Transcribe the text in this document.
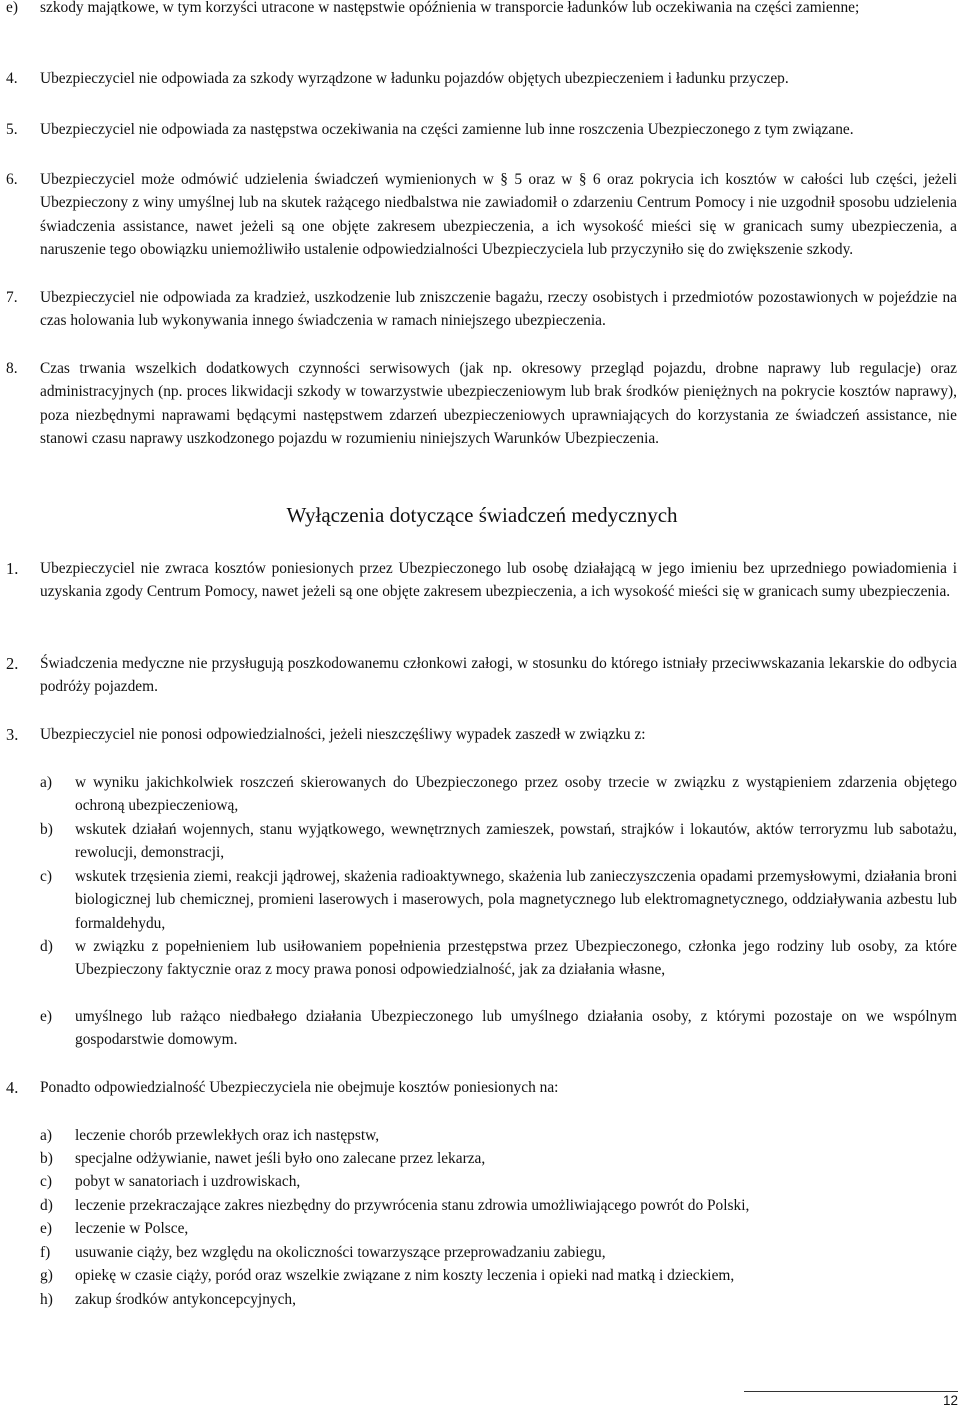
e)	szkody majątkowe, w tym korzyści utracone w następstwie opóźnienia w transporcie ładunków lub oczekiwania na części zamienne;
4.	Ubezpieczyciel nie odpowiada za szkody wyrządzone w ładunku pojazdów objętych ubezpieczeniem i ładunku przyczep.
5.	Ubezpieczyciel nie odpowiada za następstwa oczekiwania na części zamienne lub inne roszczenia Ubezpieczonego z tym związane.
6.	Ubezpieczyciel może odmówić udzielenia świadczeń wymienionych w § 5 oraz w § 6 oraz pokrycia ich kosztów w całości lub części, jeżeli Ubezpieczony z winy umyślnej lub na skutek rażącego niedbalstwa nie zawiadomił o zdarzeniu Centrum Pomocy i nie uzgodnił sposobu udzielenia świadczenia assistance, nawet jeżeli są one objęte zakresem ubezpieczenia, a ich wysokość mieści się w granicach sumy ubezpieczenia, a naruszenie tego obowiązku uniemożliwiło ustalenie odpowiedzialności Ubezpieczyciela lub przyczyniło się do zwiększenie szkody.
7.	Ubezpieczyciel nie odpowiada za kradzież, uszkodzenie lub zniszczenie bagażu, rzeczy osobistych i przedmiotów pozostawionych w pojeździe na czas holowania lub wykonywania innego świadczenia w ramach niniejszego ubezpieczenia.
8.	Czas trwania wszelkich dodatkowych czynności serwisowych (jak np. okresowy przegląd pojazdu, drobne naprawy lub regulacje) oraz administracyjnych (np. proces likwidacji szkody w towarzystwie ubezpieczeniowym lub brak środków pieniężnych na pokrycie kosztów naprawy), poza niezbędnymi naprawami będącymi następstwem zdarzeń ubezpieczeniowych uprawniających do korzystania ze świadczeń assistance, nie stanowi czasu naprawy uszkodzonego pojazdu w rozumieniu niniejszych Warunków Ubezpieczenia.
Wyłączenia dotyczące świadczeń medycznych
1.	Ubezpieczyciel nie zwraca kosztów poniesionych przez Ubezpieczonego lub osobę działającą w jego imieniu bez uprzedniego powiadomienia i uzyskania zgody Centrum Pomocy, nawet jeżeli są one objęte zakresem ubezpieczenia, a ich wysokość mieści się w granicach sumy ubezpieczenia.
2.	Świadczenia medyczne nie przysługują poszkodowanemu członkowi załogi, w stosunku do którego istniały przeciwwskazania lekarskie do odbycia podróży pojazdem.
3.	Ubezpieczyciel nie ponosi odpowiedzialności, jeżeli nieszczęśliwy wypadek zaszedł w związku z:
a)	w wyniku jakichkolwiek roszczeń skierowanych do Ubezpieczonego przez osoby trzecie w związku z wystąpieniem zdarzenia objętego ochroną ubezpieczeniową,
b)	wskutek działań wojennych, stanu wyjątkowego, wewnętrznych zamieszek, powstań, strajków i lokautów, aktów terroryzmu lub sabotażu, rewolucji, demonstracji,
c)	wskutek trzęsienia ziemi, reakcji jądrowej, skażenia radioaktywnego, skażenia lub zanieczyszczenia opadami przemysłowymi, działania broni biologicznej lub chemicznej, promieni laserowych i maserowych, pola magnetycznego lub elektromagnetycznego, oddziaływania azbestu lub formaldehydu,
d)	w związku z popełnieniem lub usiłowaniem popełnienia przestępstwa przez Ubezpieczonego, członka jego rodziny lub osoby, za które Ubezpieczony faktycznie oraz z mocy prawa ponosi odpowiedzialność, jak za działania własne,
e)	umyślnego lub rażąco niedbałego działania Ubezpieczonego lub umyślnego działania osoby, z którymi pozostaje on we wspólnym gospodarstwie domowym.
4.	Ponadto odpowiedzialność Ubezpieczyciela nie obejmuje kosztów poniesionych na:
a)	leczenie chorób przewlekłych oraz ich następstw,
b)	specjalne odżywianie, nawet jeśli było ono zalecane przez lekarza,
c)	pobyt w sanatoriach i uzdrowiskach,
d)	leczenie przekraczające zakres niezbędny do przywrócenia stanu zdrowia umożliwiającego powrót do Polski,
e)	leczenie w Polsce,
f)	usuwanie ciąży, bez względu na okoliczności towarzyszące przeprowadzaniu zabiegu,
g)	opiekę w czasie ciąży, poród oraz wszelkie związane z nim koszty leczenia i opieki nad matką i dzieckiem,
h)	zakup środków antykoncepcyjnych,
12
